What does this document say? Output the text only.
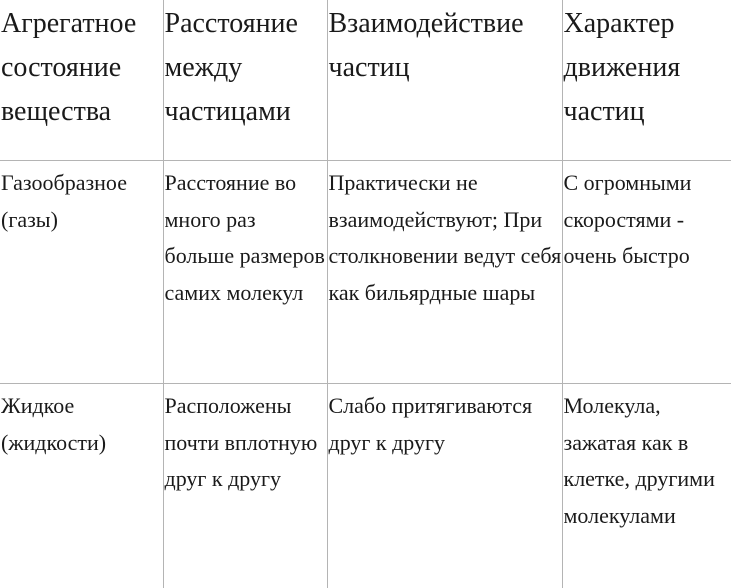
Агрегатное состояние вещества	Расстояние между частицами	Взаимодействие частиц	Характер движения частиц
Газообразное (газы)	Расстояние во много раз больше размеров самих молекул	Практически не взаимодействуют; При столкновении ведут себя как бильярдные шары	С огромными скоростями - очень быстро
Жидкое (жидкости)	Расположены почти вплотную друг к другу	Слабо притягиваются друг к другу	Молекула, зажатая как в клетке, другими молекулами
